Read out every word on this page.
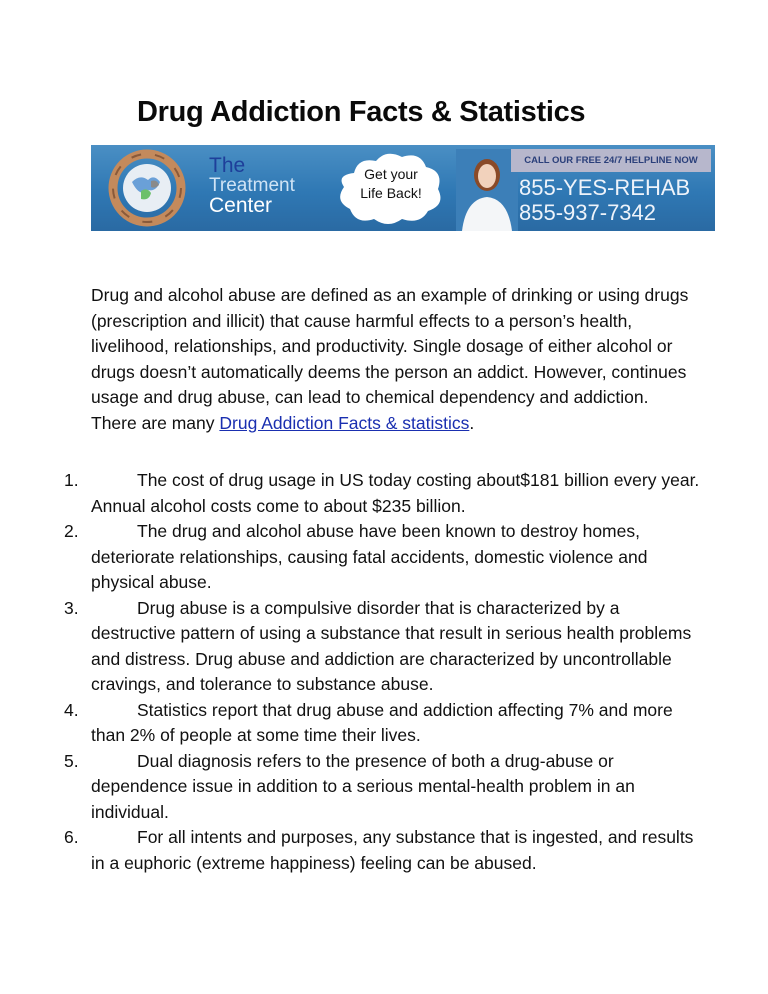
Drug Addiction Facts & Statistics
The
Treatment
Center
Get your
Life Back!
CALL OUR FREE 24/7 HELPLINE NOW
855-YES-REHAB
855-937-7342

Drug and alcohol abuse are defined as an example of drinking or using drugs (prescription and illicit) that cause harmful effects to a person’s health, livelihood, relationships, and productivity. Single dosage of either alcohol or drugs doesn’t automatically deems the person an addict. However, continues usage and drug abuse, can lead to chemical dependency and addiction. There are many Drug Addiction Facts & statistics.

1.	The cost of drug usage in US today costing about$181 billion every year. Annual alcohol costs come to about $235 billion.
2.	The drug and alcohol abuse have been known to destroy homes, deteriorate relationships, causing fatal accidents, domestic violence and physical abuse.
3.	Drug abuse is a compulsive disorder that is characterized by a destructive pattern of using a substance that result in serious health problems and distress. Drug abuse and addiction are characterized by uncontrollable cravings, and tolerance to substance abuse.
4.	Statistics report that drug abuse and addiction affecting 7% and more than 2% of people at some time their lives.
5.	Dual diagnosis refers to the presence of both a drug-abuse or dependence issue in addition to a serious mental-health problem in an individual.
6.	For all intents and purposes, any substance that is ingested, and results in a euphoric (extreme happiness) feeling can be abused.
